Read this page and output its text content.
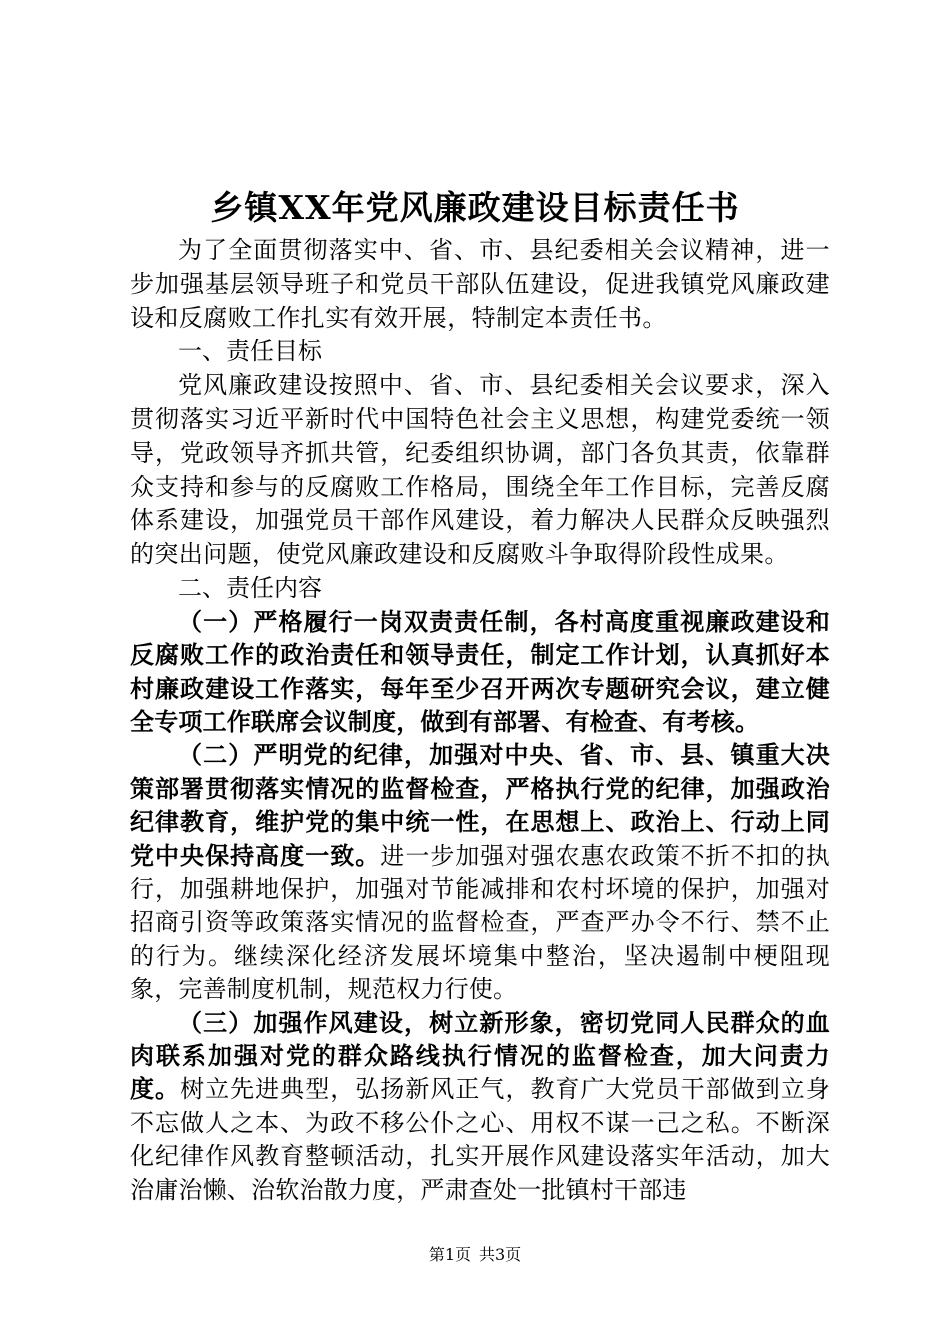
乡镇XX年党风廉政建设目标责任书

为了全面贯彻落实中、省、市、县纪委相关会议精神，进一步加强基层领导班子和党员干部队伍建设，促进我镇党风廉政建设和反腐败工作扎实有效开展，特制定本责任书。

一、责任目标

党风廉政建设按照中、省、市、县纪委相关会议要求，深入贯彻落实习近平新时代中国特色社会主义思想，构建党委统一领导，党政领导齐抓共管，纪委组织协调，部门各负其责，依靠群众支持和参与的反腐败工作格局，围绕全年工作目标，完善反腐体系建设，加强党员干部作风建设，着力解决人民群众反映强烈的突出问题，使党风廉政建设和反腐败斗争取得阶段性成果。

二、责任内容

（一）严格履行一岗双责责任制，各村高度重视廉政建设和反腐败工作的政治责任和领导责任，制定工作计划，认真抓好本村廉政建设工作落实，每年至少召开两次专题研究会议，建立健全专项工作联席会议制度，做到有部署、有检查、有考核。

（二）严明党的纪律，加强对中央、省、市、县、镇重大决策部署贯彻落实情况的监督检查，严格执行党的纪律，加强政治纪律教育，维护党的集中统一性，在思想上、政治上、行动上同党中央保持高度一致。进一步加强对强农惠农政策不折不扣的执行，加强耕地保护，加强对节能减排和农村坏境的保护，加强对招商引资等政策落实情况的监督检查，严查严办令不行、禁不止的行为。继续深化经济发展坏境集中整治，坚决遏制中梗阻现象，完善制度机制，规范权力行使。

（三）加强作风建设，树立新形象，密切党同人民群众的血肉联系加强对党的群众路线执行情况的监督检查，加大问责力度。树立先进典型，弘扬新风正气，教育广大党员干部做到立身不忘做人之本、为政不移公仆之心、用权不谋一己之私。不断深化纪律作风教育整顿活动，扎实开展作风建设落实年活动，加大治庸治懒、治软治散力度，严肃查处一批镇村干部违

第1页 共3页
